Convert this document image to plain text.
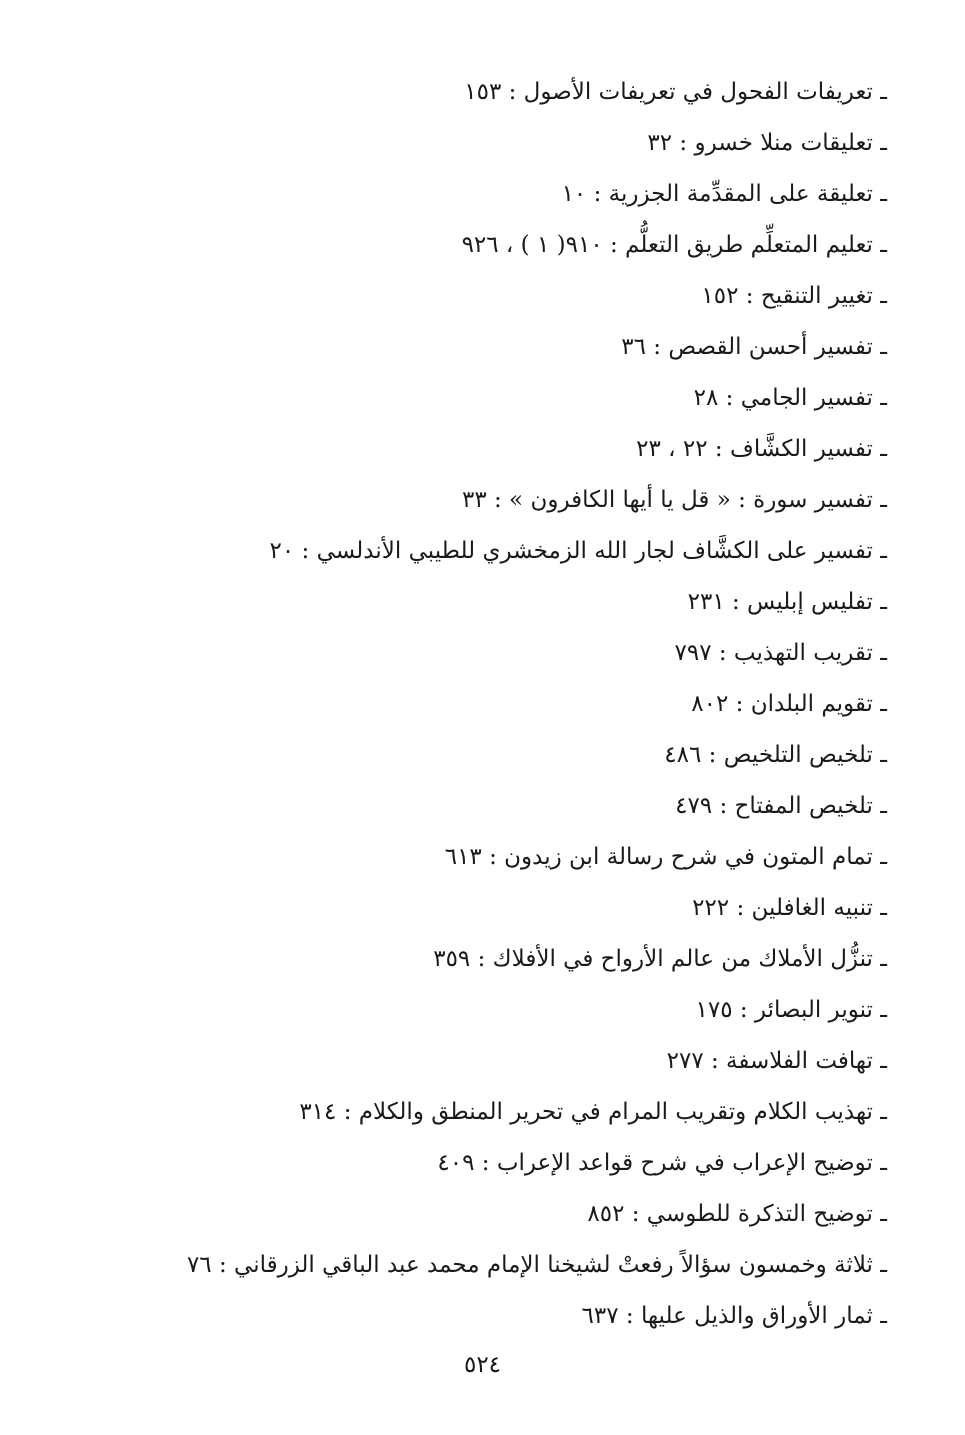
ـ تعريفات الفحول في تعريفات الأصول : ١٥٣
ـ تعليقات منلا خسرو : ٣٢
ـ تعليقة على المقدِّمة الجزرية : ١٠
ـ تعليم المتعلِّم طريق التعلُّم : ٩١٠( ١ ) ، ٩٢٦
ـ تغيير التنقيح : ١٥٢
ـ تفسير أحسن القصص : ٣٦
ـ تفسير الجامي : ٢٨
ـ تفسير الكشَّاف : ٢٢ ، ٢٣
ـ تفسير سورة : « قل يا أيها الكافرون » : ٣٣
ـ تفسير على الكشَّاف لجار الله الزمخشري للطيبي الأندلسي : ٢٠
ـ تفليس إبليس : ٢٣١
ـ تقريب التهذيب : ٧٩٧
ـ تقويم البلدان : ٨٠٢
ـ تلخيص التلخيص : ٤٨٦
ـ تلخيص المفتاح : ٤٧٩
ـ تمام المتون في شرح رسالة ابن زيدون : ٦١٣
ـ تنبيه الغافلين : ٢٢٢
ـ تنزُّل الأملاك من عالم الأرواح في الأفلاك : ٣٥٩
ـ تنوير البصائر : ١٧٥
ـ تهافت الفلاسفة : ٢٧٧
ـ تهذيب الكلام وتقريب المرام في تحرير المنطق والكلام : ٣١٤
ـ توضيح الإعراب في شرح قواعد الإعراب : ٤٠٩
ـ توضيح التذكرة للطوسي : ٨٥٢
ـ ثلاثة وخمسون سؤالاً رفعتْ لشيخنا الإمام محمد عبد الباقي الزرقاني : ٧٦
ـ ثمار الأوراق والذيل عليها : ٦٣٧
٥٢٤
